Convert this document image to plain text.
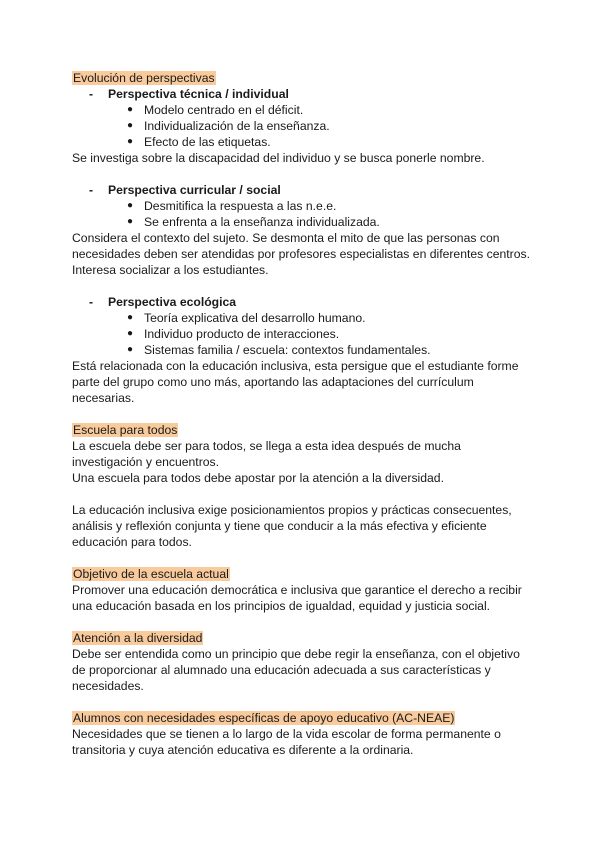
Evolución de perspectivas

- Perspectiva técnica / individual

● Modelo centrado en el déficit.

● Individualización de la enseñanza.

● Efecto de las etiquetas.

Se investiga sobre la discapacidad del individuo y se busca ponerle nombre.

- Perspectiva curricular / social

● Desmitifica la respuesta a las n.e.e.

● Se enfrenta a la enseñanza individualizada.

Considera el contexto del sujeto. Se desmonta el mito de que las personas con

necesidades deben ser atendidas por profesores especialistas en diferentes centros.

Interesa socializar a los estudiantes.

- Perspectiva ecológica

● Teoría explicativa del desarrollo humano.

● Individuo producto de interacciones.

● Sistemas familia / escuela: contextos fundamentales.

Está relacionada con la educación inclusiva, esta persigue que el estudiante forme

parte del grupo como uno más, aportando las adaptaciones del currículum

necesarias.

Escuela para todos

La escuela debe ser para todos, se llega a esta idea después de mucha

investigación y encuentros.

Una escuela para todos debe apostar por la atención a la diversidad.

La educación inclusiva exige posicionamientos propios y prácticas consecuentes,

análisis y reflexión conjunta y tiene que conducir a la más efectiva y eficiente

educación para todos.

Objetivo de la escuela actual

Promover una educación democrática e inclusiva que garantice el derecho a recibir

una educación basada en los principios de igualdad, equidad y justicia social.

Atención a la diversidad

Debe ser entendida como un principio que debe regir la enseñanza, con el objetivo

de proporcionar al alumnado una educación adecuada a sus características y

necesidades.

Alumnos con necesidades específicas de apoyo educativo (AC-NEAE)

Necesidades que se tienen a lo largo de la vida escolar de forma permanente o

transitoria y cuya atención educativa es diferente a la ordinaria.
